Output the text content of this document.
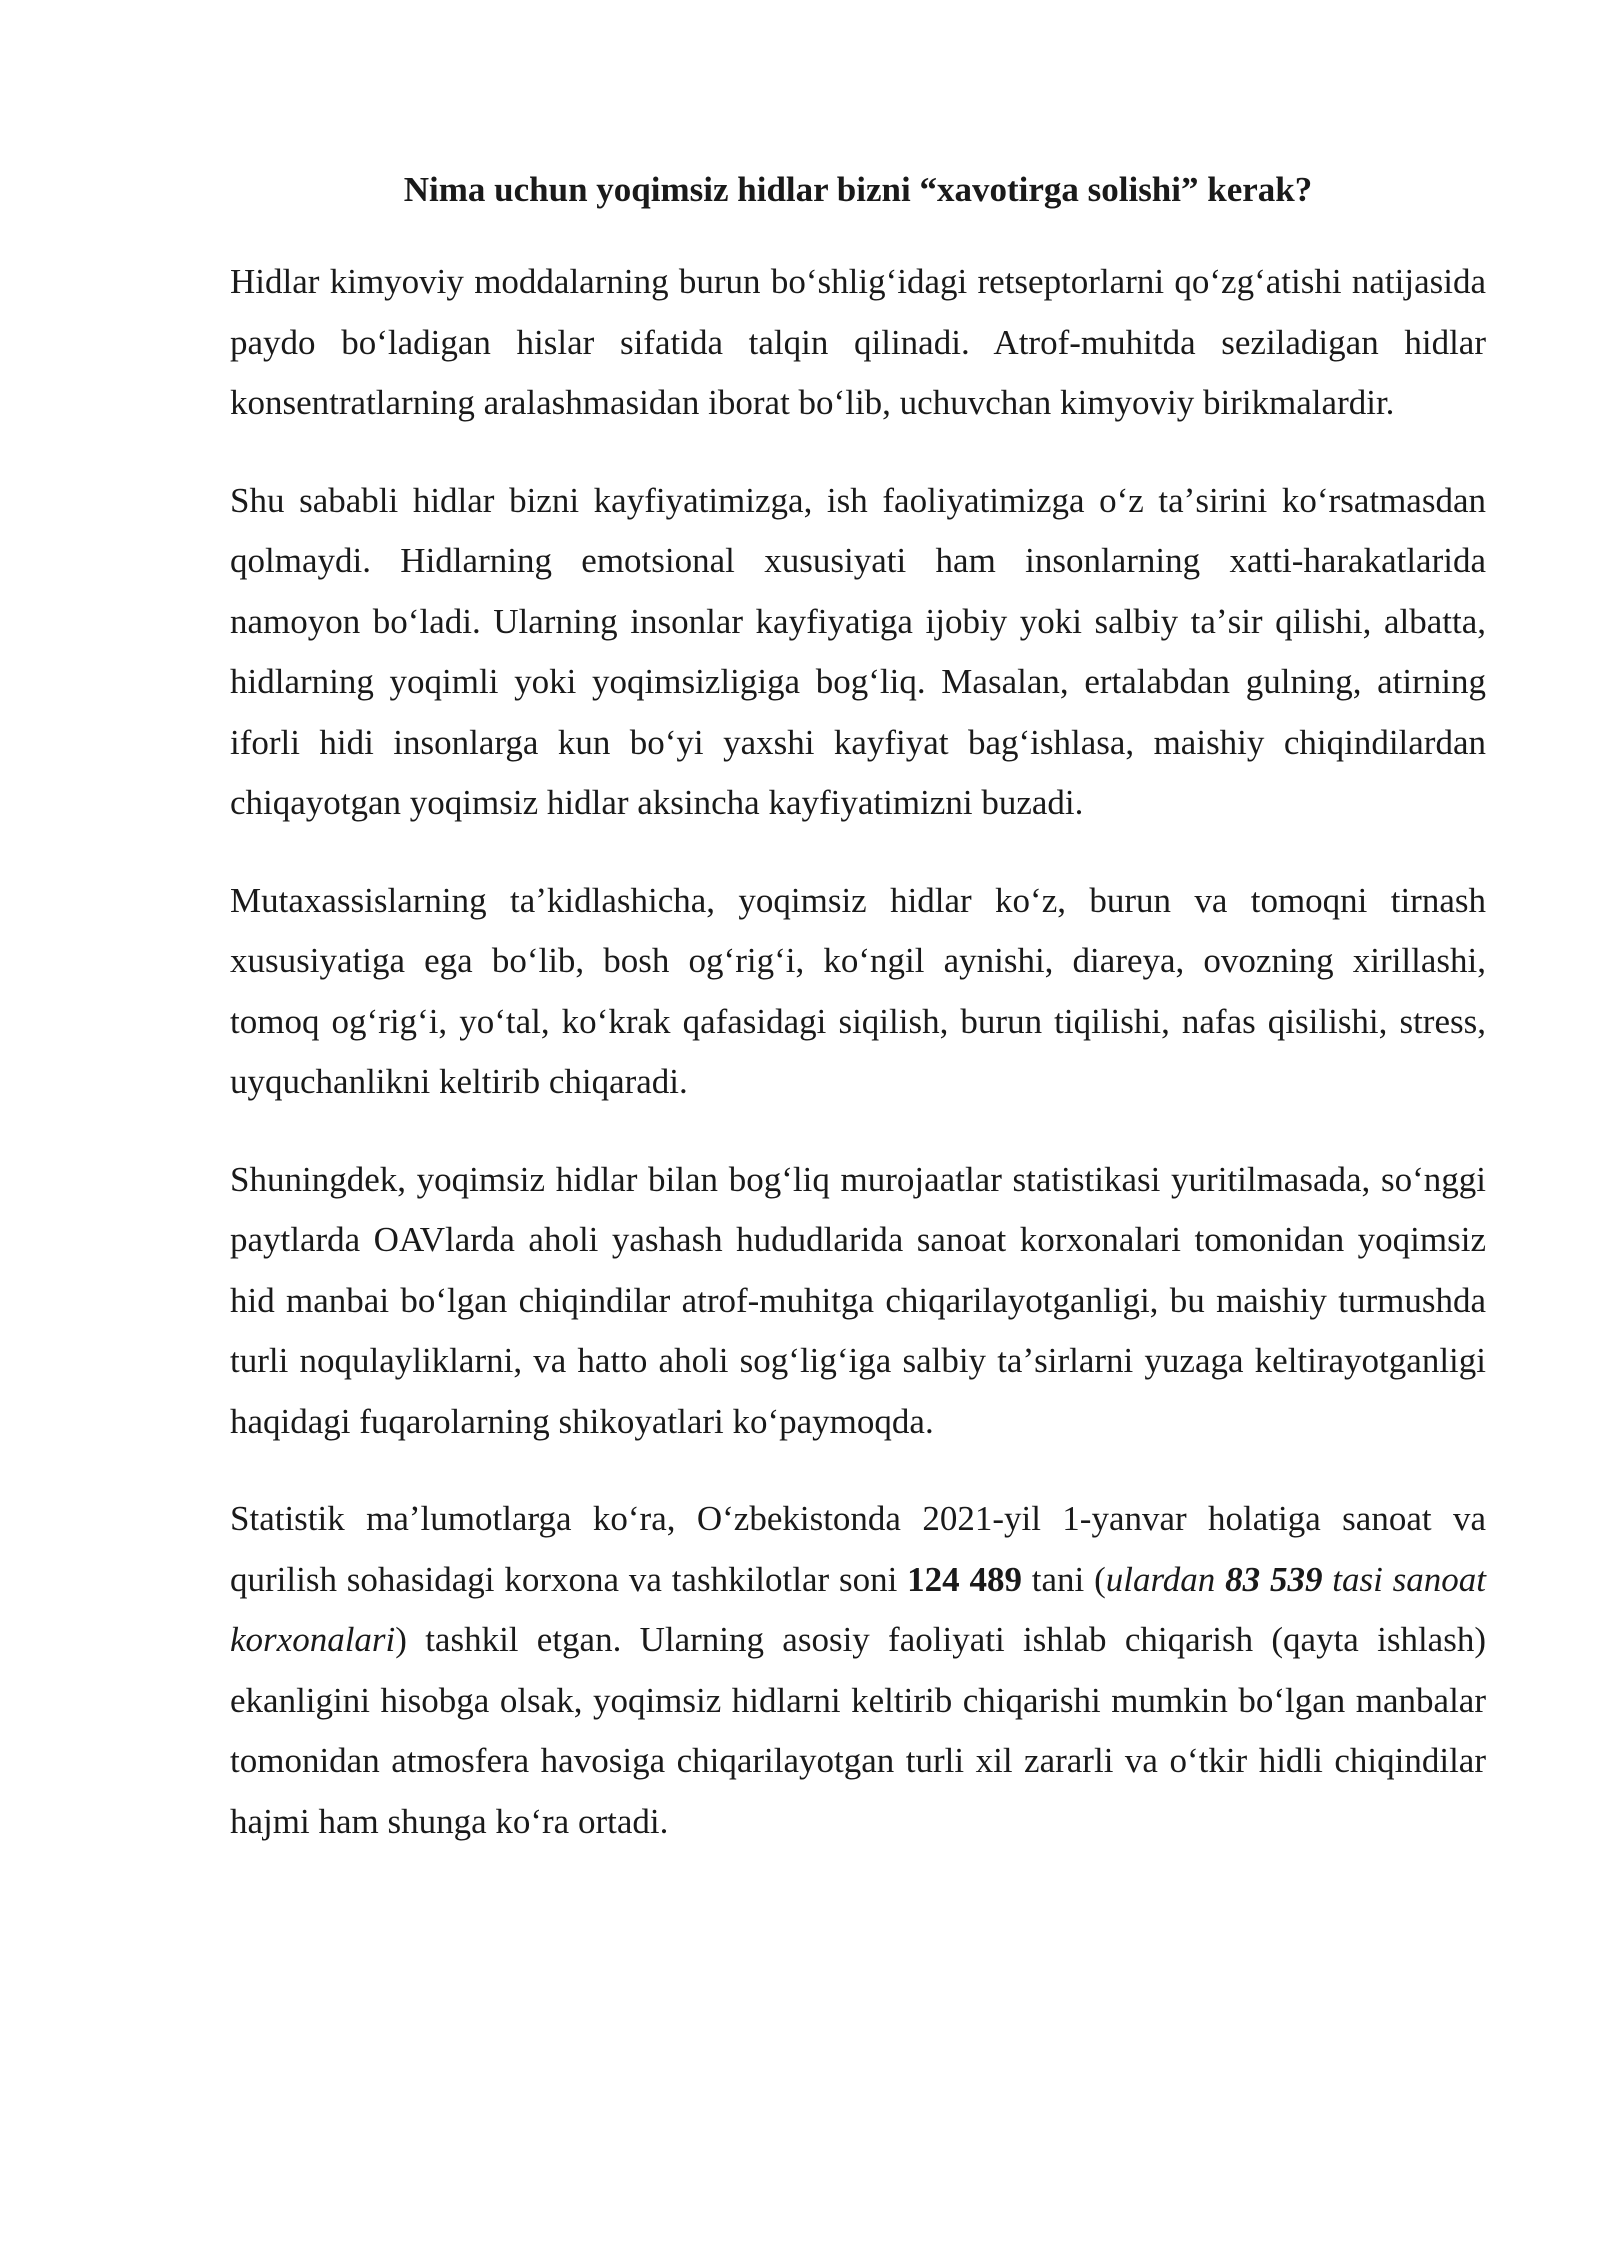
Nima uchun yoqimsiz hidlar bizni “xavotirga solishi” kerak?

Hidlar kimyoviy moddalarning burun boʻshligʻidagi retseptorlarni qoʻzgʻatishi natijasida paydo boʻladigan hislar sifatida talqin qilinadi. Atrof-muhitda seziladigan hidlar konsentratlarning aralashmasidan iborat boʻlib, uchuvchan kimyoviy birikmalardir.

Shu sababli hidlar bizni kayfiyatimizga, ish faoliyatimizga oʻz taʼsirini koʻrsatmasdan qolmaydi. Hidlarning emotsional xususiyati ham insonlarning xatti-harakatlarida namoyon boʻladi. Ularning insonlar kayfiyatiga ijobiy yoki salbiy taʼsir qilishi, albatta, hidlarning yoqimli yoki yoqimsizligiga bogʻliq. Masalan, ertalabdan gulning, atirning iforli hidi insonlarga kun boʻyi yaxshi kayfiyat bagʻishlasa, maishiy chiqindilardan chiqayotgan yoqimsiz hidlar aksincha kayfiyatimizni buzadi.

Mutaxassislarning taʼkidlashicha, yoqimsiz hidlar koʻz, burun va tomoqni tirnash xususiyatiga ega boʻlib, bosh ogʻrigʻi, koʻngil aynishi, diareya, ovozning xirillashi, tomoq ogʻrigʻi, yoʻtal, koʻkrak qafasidagi siqilish, burun tiqilishi, nafas qisilishi, stress, uyquchanlikni keltirib chiqaradi.

Shuningdek, yoqimsiz hidlar bilan bogʻliq murojaatlar statistikasi yuritilmasada, soʻnggi paytlarda OAVlarda aholi yashash hududlarida sanoat korxonalari tomonidan yoqimsiz hid manbai boʻlgan chiqindilar atrof-muhitga chiqarilayotganligi, bu maishiy turmushda turli noqulayliklarni, va hatto aholi sogʻligʻiga salbiy taʼsirlarni yuzaga keltirayotganligi haqidagi fuqarolarning shikoyatlari koʻpaymoqda.

Statistik maʼlumotlarga koʻra, Oʻzbekistonda 2021-yil 1-yanvar holatiga sanoat va qurilish sohasidagi korxona va tashkilotlar soni 124 489 tani (ulardan 83 539 tasi sanoat korxonalari) tashkil etgan. Ularning asosiy faoliyati ishlab chiqarish (qayta ishlash) ekanligini hisobga olsak, yoqimsiz hidlarni keltirib chiqarishi mumkin boʻlgan manbalar tomonidan atmosfera havosiga chiqarilayotgan turli xil zararli va oʻtkir hidli chiqindilar hajmi ham shunga koʻra ortadi.
